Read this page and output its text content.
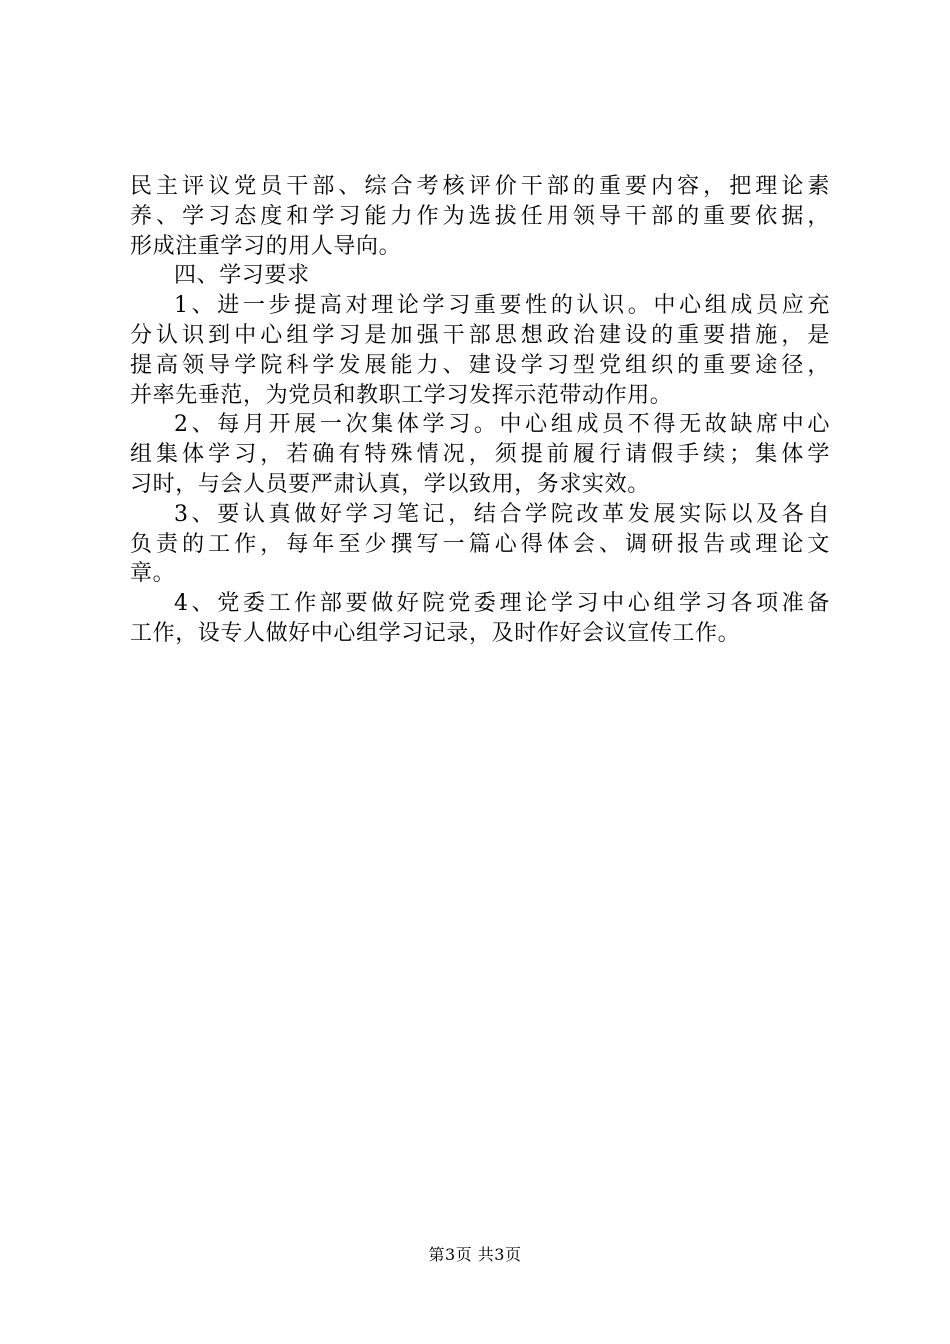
民主评议党员干部、综合考核评价干部的重要内容，把理论素
养、学习态度和学习能力作为选拔任用领导干部的重要依据，
形成注重学习的用人导向。
四、学习要求
1、进一步提高对理论学习重要性的认识。中心组成员应充
分认识到中心组学习是加强干部思想政治建设的重要措施，是
提高领导学院科学发展能力、建设学习型党组织的重要途径，
并率先垂范，为党员和教职工学习发挥示范带动作用。
2、每月开展一次集体学习。中心组成员不得无故缺席中心
组集体学习，若确有特殊情况，须提前履行请假手续；集体学
习时，与会人员要严肃认真，学以致用，务求实效。
3、要认真做好学习笔记，结合学院改革发展实际以及各自
负责的工作，每年至少撰写一篇心得体会、调研报告或理论文
章。
4、党委工作部要做好院党委理论学习中心组学习各项准备
工作，设专人做好中心组学习记录，及时作好会议宣传工作。
第3页 共3页
